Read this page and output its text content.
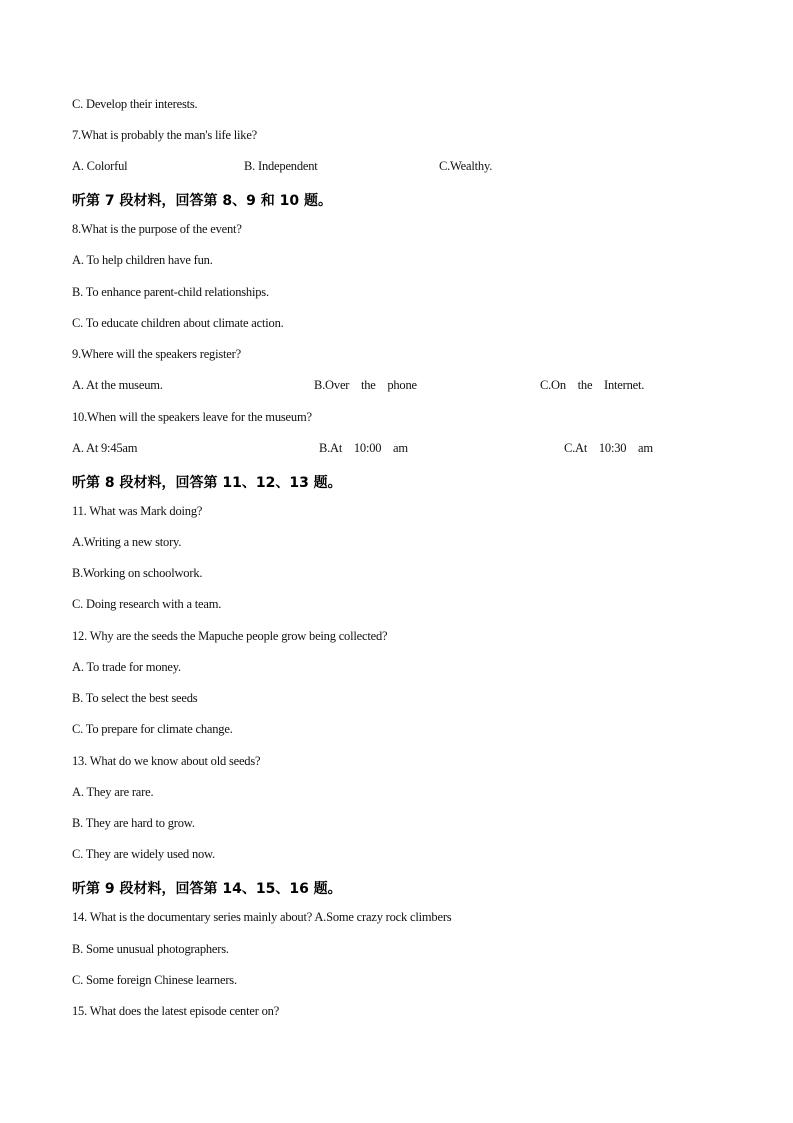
C. Develop their interests.
7.What is probably the man's life like?
A. Colorful	B. Independent	C.Wealthy.
听第 7 段材料，回答第 8、9 和 10 题。
8.What is the purpose of the event?
A. To help children have fun.
B. To enhance parent-child relationships.
C. To educate children about climate action.
9.Where will the speakers register?
A. At the museum.	B.Over    the    phone	C.On    the    Internet.
10.When will the speakers leave for the museum?
A. At 9:45am	B.At    10:00    am	C.At    10:30    am
听第 8 段材料，回答第 11、12、13 题。
11. What was Mark doing?
A.Writing a new story.
B.Working on schoolwork.
C. Doing research with a team.
12. Why are the seeds the Mapuche people grow being collected?
A. To trade for money.
B. To select the best seeds
C. To prepare for climate change.
13. What do we know about old seeds?
A. They are rare.
B. They are hard to grow.
C. They are widely used now.
听第 9 段材料，回答第 14、15、16 题。
14. What is the documentary series mainly about? A.Some crazy rock climbers
B. Some unusual photographers.
C. Some foreign Chinese learners.
15. What does the latest episode center on?
